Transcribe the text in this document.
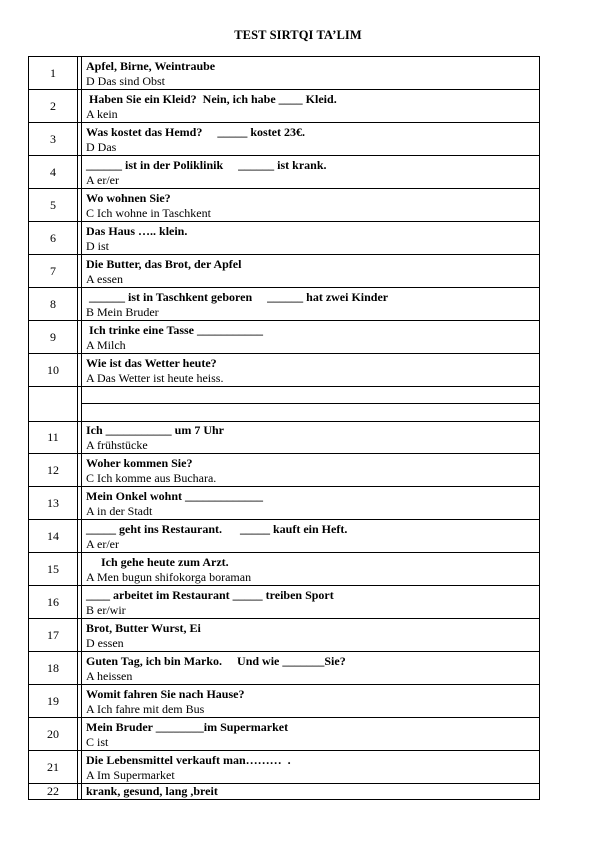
TEST SIRTQI TA’LIM
1		Apfel, Birne, Weintraube
D Das sind Obst

2		Haben Sie ein Kleid?  Nein, ich habe ____ Kleid.
A kein

3		Was kostet das Hemd?     _____ kostet 23€.
D Das

4		______ ist in der Poliklinik     ______ ist krank.
A er/er

5		Wo wohnen Sie?
C Ich wohne in Taschkent

6		Das Haus ….. klein.
D ist

7		Die Butter, das Brot, der Apfel
A essen

8		______ ist in Taschkent geboren     ______ hat zwei Kinder
B Mein Bruder

9		Ich trinke eine Tasse ___________
A Milch

10		Wie ist das Wetter heute?
A Das Wetter ist heute heiss.

11		Ich ___________ um 7 Uhr
A frühstücke

12		Woher kommen Sie?
C Ich komme aus Buchara.

13		Mein Onkel wohnt _____________
A in der Stadt

14		_____ geht ins Restaurant.      _____ kauft ein Heft.
A er/er

15		Ich gehe heute zum Arzt.
A Men bugun shifokorga boraman

16		____ arbeitet im Restaurant _____ treiben Sport
B er/wir

17		Brot, Butter Wurst, Ei
D essen

18		Guten Tag, ich bin Marko.     Und wie _______Sie?
A heissen

19		Womit fahren Sie nach Hause?
A Ich fahre mit dem Bus

20		Mein Bruder ________im Supermarket
C ist

21		Die Lebensmittel verkauft man………  .
A Im Supermarket

22		krank, gesund, lang ,breit
